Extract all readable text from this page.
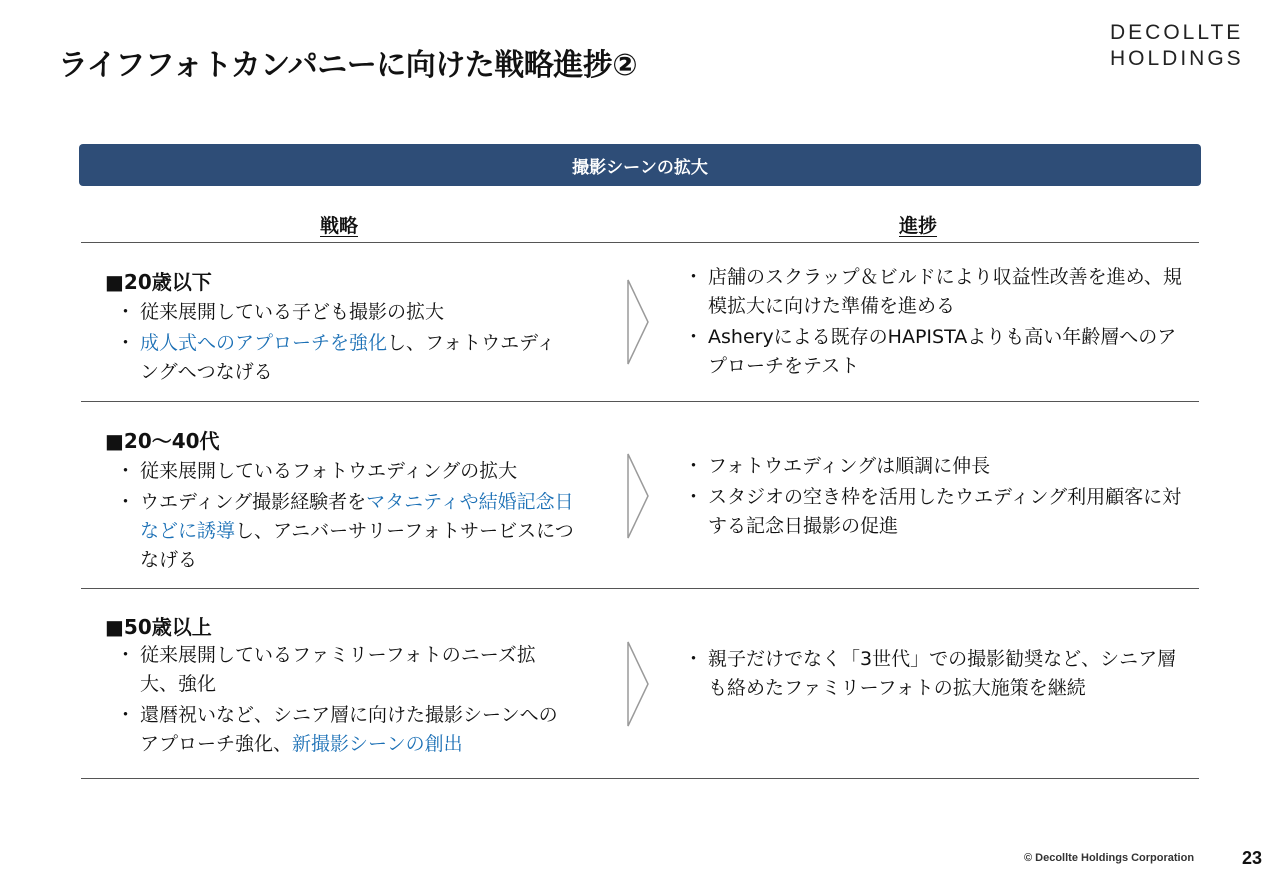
ライフフォトカンパニーに向けた戦略進捗②
DECOLLTE
HOLDINGS
撮影シーンの拡大
戦略	進捗
■20歳以下
・ 従来展開している子ども撮影の拡大
・ 成人式へのアプローチを強化し、フォトウエディングへつなげる
・ 店舗のスクラップ＆ビルドにより収益性改善を進め、規模拡大に向けた準備を進める
・ Asheryによる既存のHAPISTAよりも高い年齢層へのアプローチをテスト
■20～40代
・ 従来展開しているフォトウエディングの拡大
・ ウエディング撮影経験者をマタニティや結婚記念日などに誘導し、アニバーサリーフォトサービスにつなげる
・ フォトウエディングは順調に伸長
・ スタジオの空き枠を活用したウエディング利用顧客に対する記念日撮影の促進
■50歳以上
・ 従来展開しているファミリーフォトのニーズ拡大、強化
・ 還暦祝いなど、シニア層に向けた撮影シーンへのアプローチ強化、新撮影シーンの創出
・ 親子だけでなく「3世代」での撮影勧奨など、シニア層も絡めたファミリーフォトの拡大施策を継続
© Decollte Holdings Corporation	23
